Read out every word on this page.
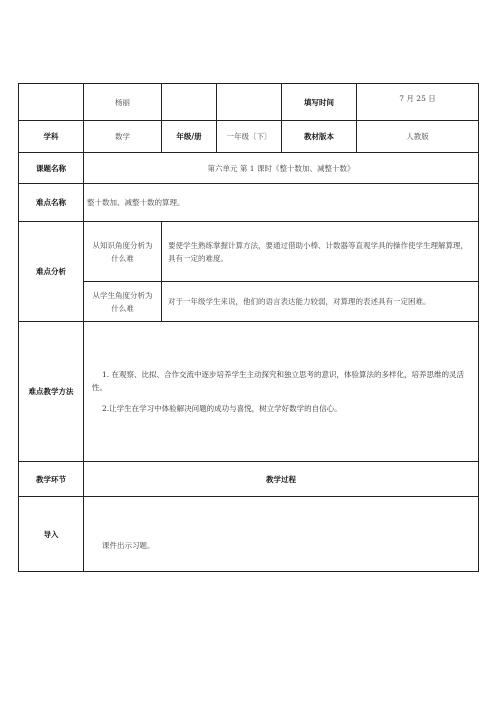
	杨丽			填写时间	7 月 25 日
学科	数学	年级/册	一年级〔下〕	教材版本	人教版
课题名称	第六单元 第 1 课时《整十数加、减整十数》				
难点名称	整十数加、减整十数的算理。				
难点分析	从知识角度分析为什么难	要使学生熟练掌握计算方法，要通过借助小棒、计数器等直观学具的操作使学生理解算理，具有一定的难度。			
	从学生角度分析为什么难	对于一年级学生来说，他们的语言表达能力较弱，对算理的表述具有一定困难。			
难点教学方法	1. 在观察、比拟、合作交流中逐步培养学生主动探究和独立思考的意识，体验算法的多样化，培养思维的灵活性。

2.让学生在学习中体验解决问题的成功与喜悦，树立学好数学的自信心。				

教学环节	教学过程				
导入	课件出示习题。				
